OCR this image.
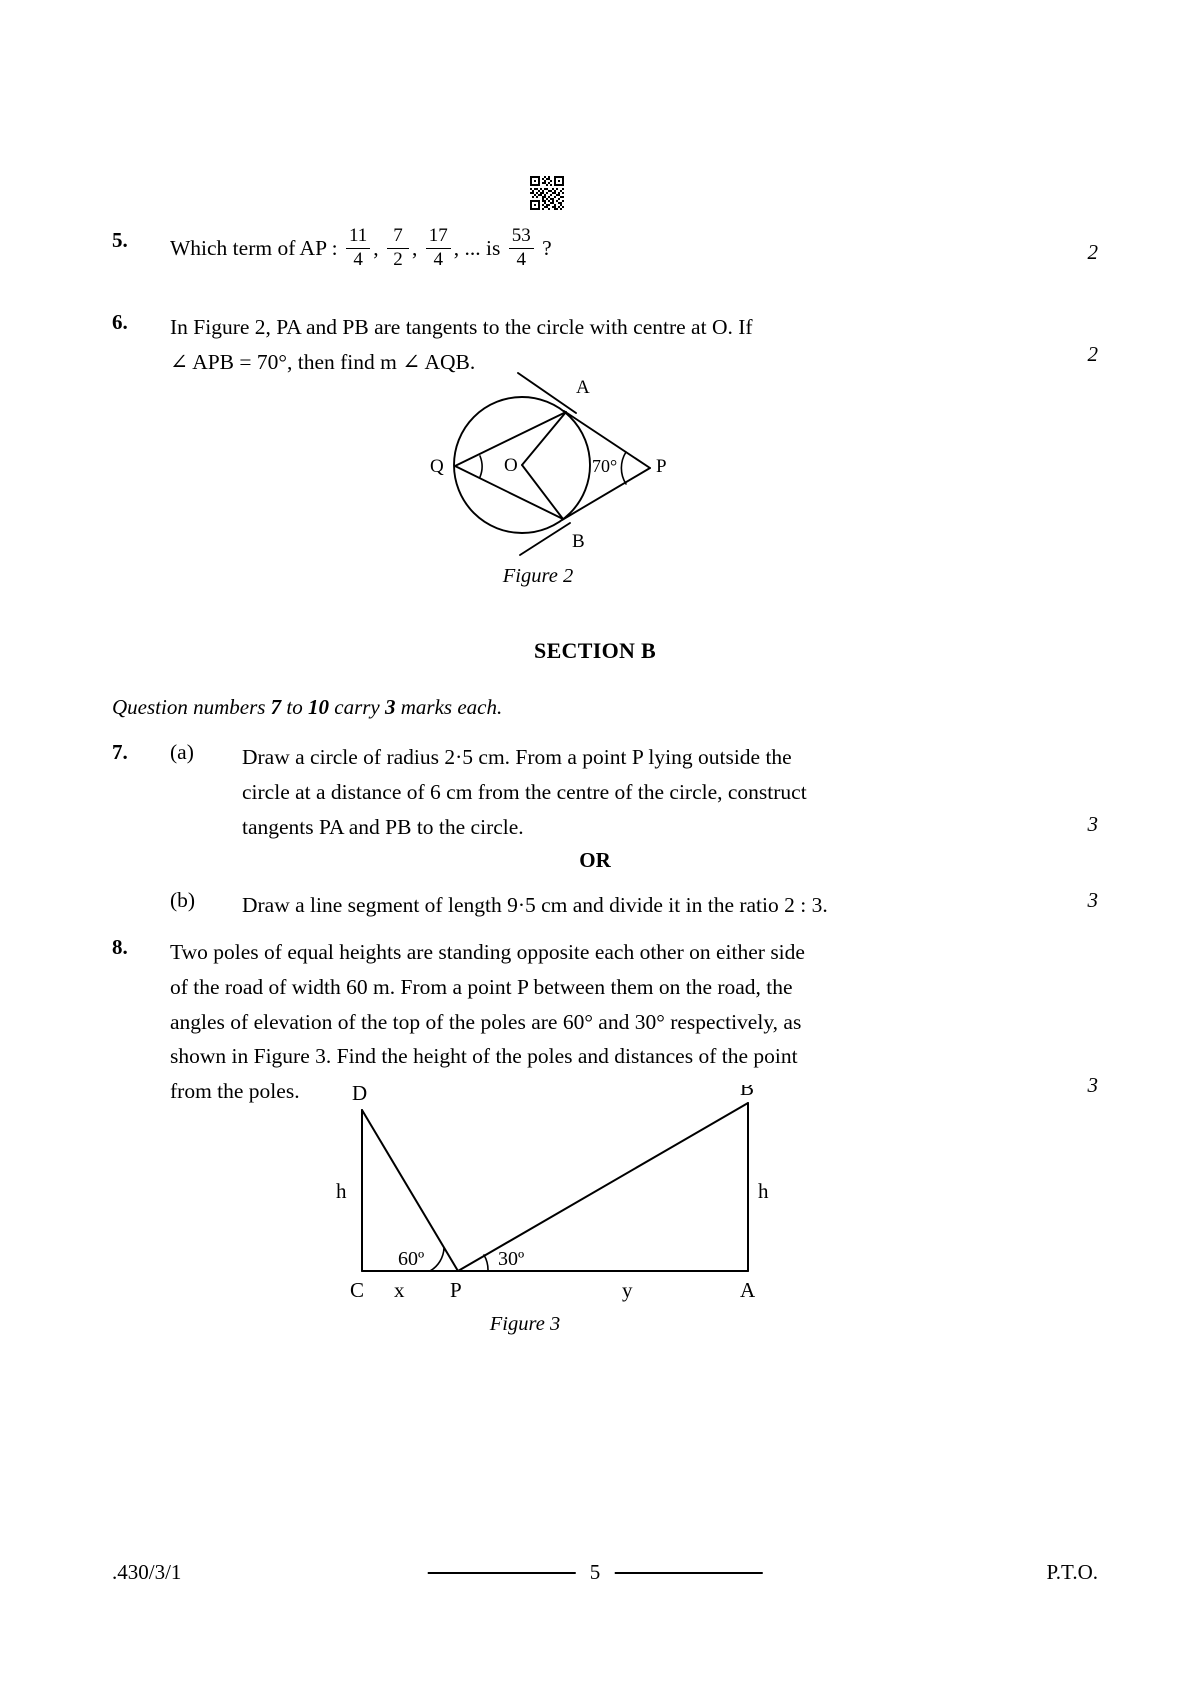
5.	Which term of AP : $\frac{11}{4}$ , $\frac{7}{2}$ , $\frac{17}{4}$ , ... is $\frac{53}{4}$ ?	2
6.	In Figure 2, PA and PB are tangents to the circle with centre at O. If
∠ APB = 70°, then find m ∠ AQB.	2
A
B
O
Q	P
70°
Figure 2
SECTION B
Question numbers 7 to 10 carry 3 marks each.
7.	(a)	Draw a circle of radius 2·5 cm. From a point P lying outside the
circle at a distance of 6 cm from the centre of the circle, construct
tangents PA and PB to the circle.	3
OR
(b)	Draw a line segment of length 9·5 cm and divide it in the ratio 2 : 3.	3
8.	Two poles of equal heights are standing opposite each other on either side
of the road of width 60 m. From a point P between them on the road, the
angles of elevation of the top of the poles are 60° and 30° respectively, as
shown in Figure 3. Find the height of the poles and distances of the point
from the poles.	3
D	B
C	A
P
h	h
x	y
60º	30º
Figure 3
.430/3/1	5	P.T.O.
